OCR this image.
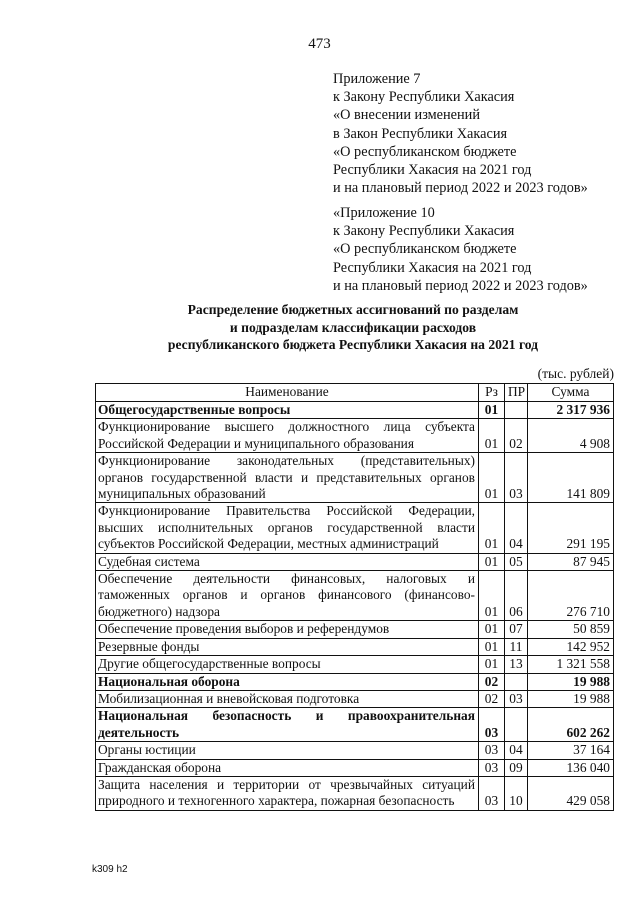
473
Приложение 7
к Закону Республики Хакасия
«О внесении изменений
в Закон Республики Хакасия
«О республиканском бюджете
Республики Хакасия на 2021 год
и на плановый период 2022 и 2023 годов»
«Приложение 10
к Закону Республики Хакасия
«О республиканском бюджете
Республики Хакасия на 2021 год
и на плановый период 2022 и 2023 годов»
Распределение бюджетных ассигнований по разделам
и подразделам классификации расходов
республиканского бюджета Республики Хакасия на 2021 год
(тыс. рублей)
Наименование	Рз	ПР	Сумма
Общегосударственные вопросы	01		2 317 936
Функционирование высшего должностного лица субъекта Российской Федерации и муниципального образования	01	02	4 908
Функционирование законодательных (представительных) органов государственной власти и представительных органов муниципальных образований	01	03	141 809
Функционирование Правительства Российской Федерации, высших исполнительных органов государственной власти субъектов Российской Федерации, местных администраций	01	04	291 195
Судебная система	01	05	87 945
Обеспечение деятельности финансовых, налоговых и таможенных органов и органов финансового (финансово-бюджетного) надзора	01	06	276 710
Обеспечение проведения выборов и референдумов	01	07	50 859
Резервные фонды	01	11	142 952
Другие общегосударственные вопросы	01	13	1 321 558
Национальная оборона	02		19 988
Мобилизационная и вневойсковая подготовка	02	03	19 988
Национальная безопасность и правоохранительная деятельность	03		602 262
Органы юстиции	03	04	37 164
Гражданская оборона	03	09	136 040
Защита населения и территории от чрезвычайных ситуаций природного и техногенного характера, пожарная безопасность	03	10	429 058
k309 h2
